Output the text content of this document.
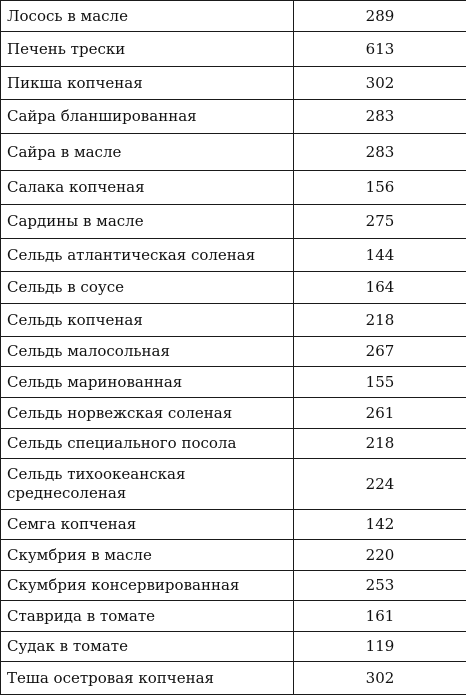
Лосось в масле	289
Печень трески	613
Пикша копченая	302
Сайра бланшированная	283
Сайра в масле	283
Салака копченая	156
Сардины в масле	275
Сельдь атлантическая соленая	144
Сельдь в соусе	164
Сельдь копченая	218
Сельдь малосольная	267
Сельдь маринованная	155
Сельдь норвежская соленая	261
Сельдь специального посола	218
Сельдь тихоокеанская среднесоленая	224
Семга копченая	142
Скумбрия в масле	220
Скумбрия консервированная	253
Ставрида в томате	161
Судак в томате	119
Теша осетровая копченая	302
